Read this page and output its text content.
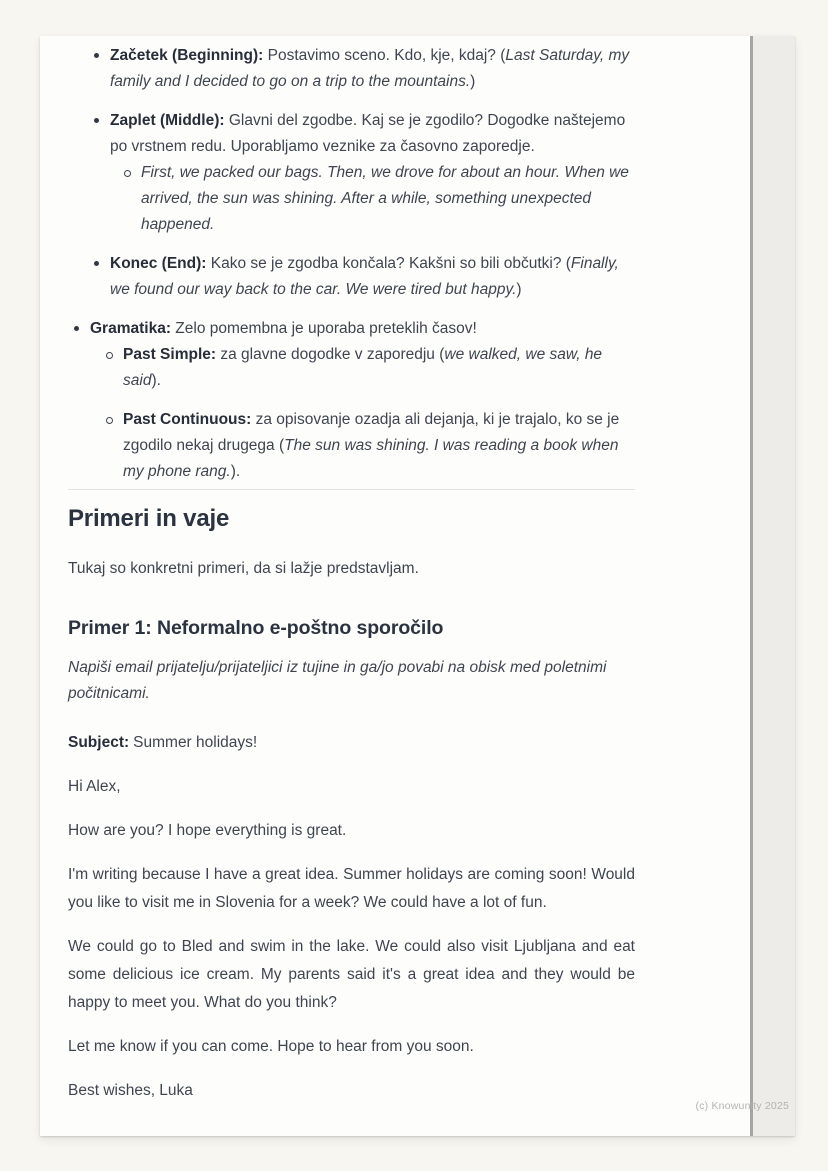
Začetek (Beginning): Postavimo sceno. Kdo, kje, kdaj? (Last Saturday, my family and I decided to go on a trip to the mountains.)
Zaplet (Middle): Glavni del zgodbe. Kaj se je zgodilo? Dogodke naštejemo po vrstnem redu. Uporabljamo veznike za časovno zaporedje.
First, we packed our bags. Then, we drove for about an hour. When we arrived, the sun was shining. After a while, something unexpected happened.
Konec (End): Kako se je zgodba končala? Kakšni so bili občutki? (Finally, we found our way back to the car. We were tired but happy.)
Gramatika: Zelo pomembna je uporaba preteklih časov!
Past Simple: za glavne dogodke v zaporedju (we walked, we saw, he said).
Past Continuous: za opisovanje ozadja ali dejanja, ki je trajalo, ko se je zgodilo nekaj drugega (The sun was shining. I was reading a book when my phone rang.).
Primeri in vaje

Tukaj so konkretni primeri, da si lažje predstavljam.

Primer 1: Neformalno e-poštno sporočilo

Napiši email prijatelju/prijateljici iz tujine in ga/jo povabi na obisk med poletnimi počitnicami.

Subject: Summer holidays!

Hi Alex,

How are you? I hope everything is great.

I'm writing because I have a great idea. Summer holidays are coming soon! Would you like to visit me in Slovenia for a week? We could have a lot of fun.

We could go to Bled and swim in the lake. We could also visit Ljubljana and eat some delicious ice cream. My parents said it's a great idea and they would be happy to meet you. What do you think?

Let me know if you can come. Hope to hear from you soon.

Best wishes, Luka

(c) Knowunity 2025
